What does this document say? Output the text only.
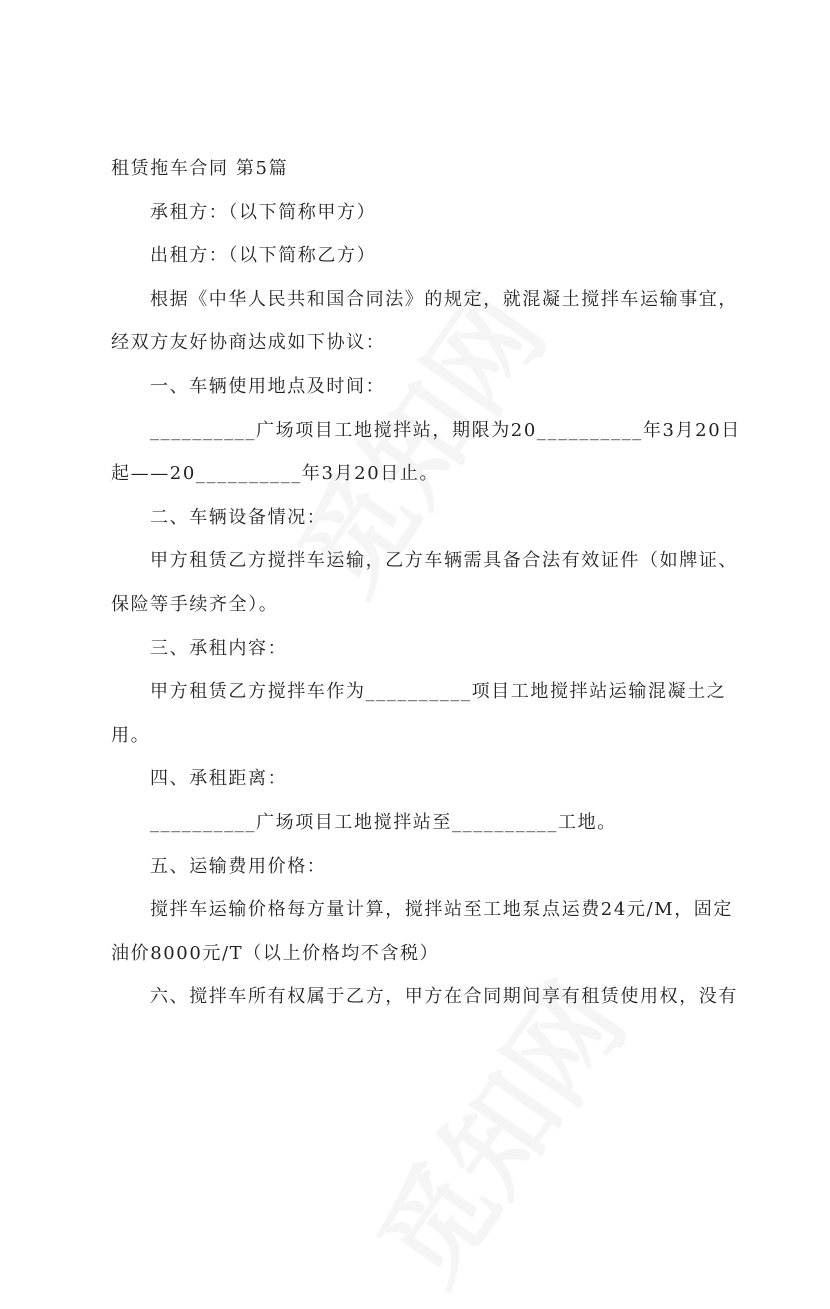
租赁拖车合同 第5篇
承租方：（以下简称甲方）
出租方：（以下简称乙方）
根据《中华人民共和国合同法》的规定，就混凝土搅拌车运输事宜，
经双方友好协商达成如下协议：
一、车辆使用地点及时间：
__________广场项目工地搅拌站，期限为20__________年3月20日
起——20__________年3月20日止。
二、车辆设备情况：
甲方租赁乙方搅拌车运输，乙方车辆需具备合法有效证件（如牌证、
保险等手续齐全）。
三、承租内容：
甲方租赁乙方搅拌车作为__________项目工地搅拌站运输混凝土之
用。
四、承租距离：
__________广场项目工地搅拌站至__________工地。
五、运输费用价格：
搅拌车运输价格每方量计算，搅拌站至工地泵点运费24元/M，固定
油价8000元/T（以上价格均不含税）
六、搅拌车所有权属于乙方，甲方在合同期间享有租赁使用权，没有
